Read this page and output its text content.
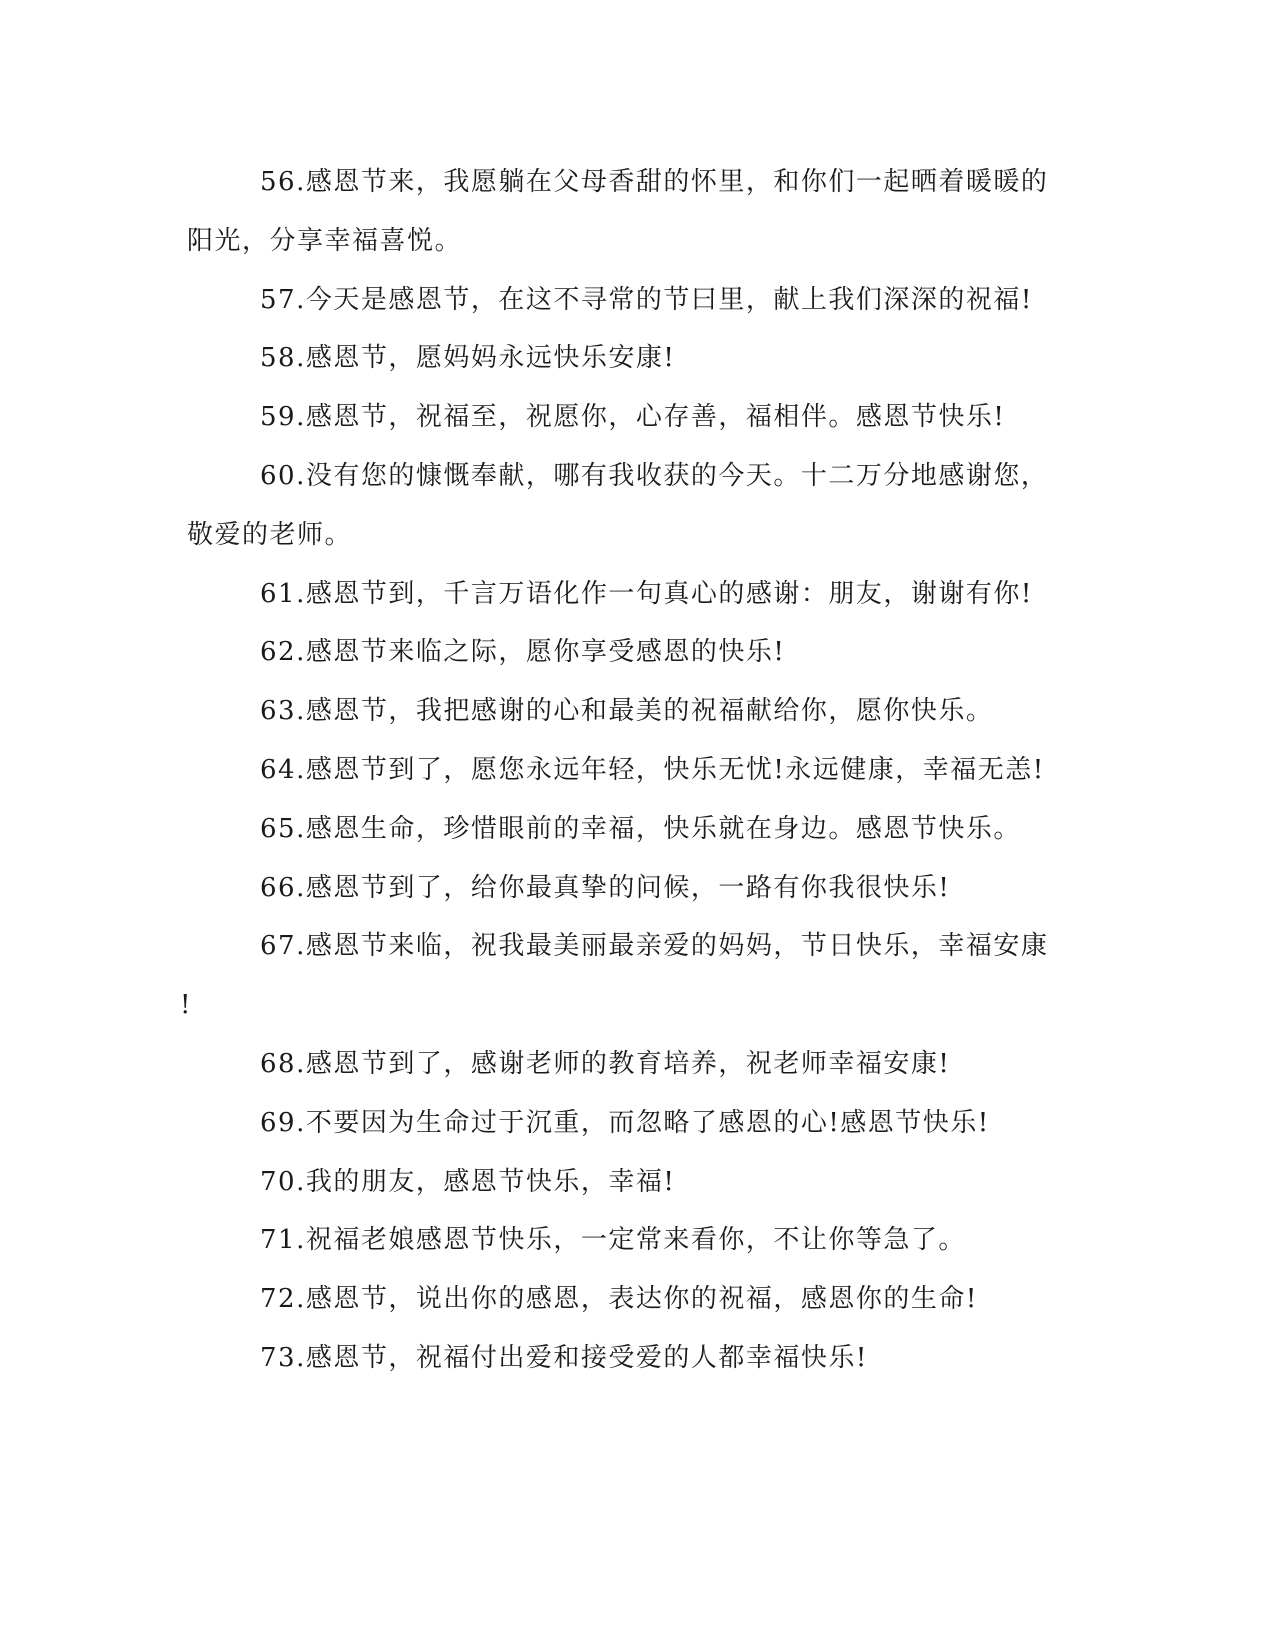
56.感恩节来，我愿躺在父母香甜的怀里，和你们一起晒着暖暖的
阳光，分享幸福喜悦。
57.今天是感恩节，在这不寻常的节曰里，献上我们深深的祝福!
58.感恩节，愿妈妈永远快乐安康!
59.感恩节，祝福至，祝愿你，心存善，福相伴。感恩节快乐!
60.没有您的慷慨奉献，哪有我收获的今天。十二万分地感谢您，
敬爱的老师。
61.感恩节到，千言万语化作一句真心的感谢：朋友，谢谢有你!
62.感恩节来临之际，愿你享受感恩的快乐!
63.感恩节，我把感谢的心和最美的祝福献给你，愿你快乐。
64.感恩节到了，愿您永远年轻，快乐无忧!永远健康，幸福无恙!
65.感恩生命，珍惜眼前的幸福，快乐就在身边。感恩节快乐。
66.感恩节到了，给你最真挚的问候，一路有你我很快乐!
67.感恩节来临，祝我最美丽最亲爱的妈妈，节日快乐，幸福安康
!
68.感恩节到了，感谢老师的教育培养，祝老师幸福安康!
69.不要因为生命过于沉重，而忽略了感恩的心!感恩节快乐!
70.我的朋友，感恩节快乐，幸福!
71.祝福老娘感恩节快乐，一定常来看你，不让你等急了。
72.感恩节，说出你的感恩，表达你的祝福，感恩你的生命!
73.感恩节，祝福付出爱和接受爱的人都幸福快乐!
